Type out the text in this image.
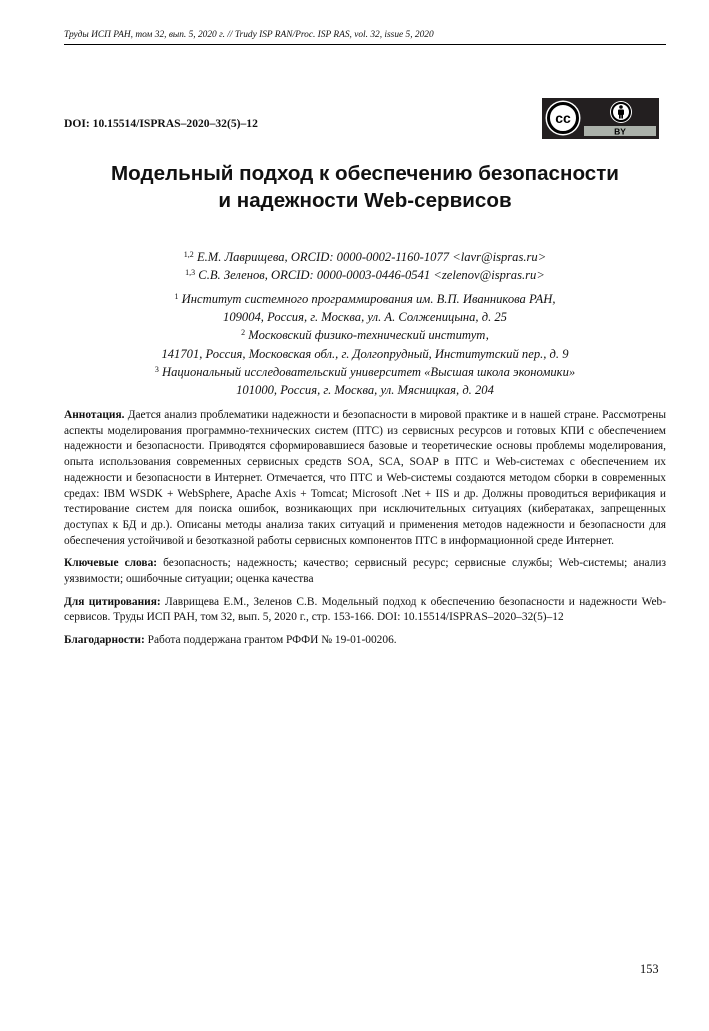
Труды ИСП РАН, том 32, вып. 5, 2020 г. // Trudy ISP RAN/Proc. ISP RAS, vol. 32, issue 5, 2020
DOI: 10.15514/ISPRAS–2020–32(5)–12	cc
BY
Модельный подход к обеспечению безопасности
и надежности Web-сервисов
$^{1,2}$ Е.М. Лаврищева, ORCID: 0000-0002-1160-1077 <lavr@ispras.ru>
$^{1,3}$ С.В. Зеленов, ORCID: 0000-0003-0446-0541 <zelenov@ispras.ru>
$^1$ Институт системного программирования им. В.П. Иванникова РАН,
109004, Россия, г. Москва, ул. А. Солженицына, д. 25
$^2$ Московский физико-технический институт,
141701, Россия, Московская обл., г. Долгопрудный, Институтский пер., д. 9
$^3$ Национальный исследовательский университет «Высшая школа экономики»
101000, Россия, г. Москва, ул. Мясницкая, д. 204

Аннотация. Дается анализ проблематики надежности и безопасности в мировой практике и в нашей стране. Рассмотрены аспекты моделирования программно-технических систем (ПТС) из сервисных ресурсов и готовых КПИ с обеспечением надежности и безопасности. Приводятся сформировавшиеся базовые и теоретические основы проблемы моделирования, опыта использования современных сервисных средств SOA, SCA, SOAP в ПТС и Web-системах с обеспечением их надежности и безопасности в Интернет. Отмечается, что ПТС и Web-системы создаются методом сборки в современных средах: IBM WSDK + WebSphere, Apache Axis + Tomcat; Microsoft .Net + IIS и др. Должны проводиться верификация и тестирование систем для поиска ошибок, возникающих при исключительных ситуациях (кибератаках, запрещенных доступах к БД и др.). Описаны методы анализа таких ситуаций и применения методов надежности и безопасности для обеспечения устойчивой и безотказной работы сервисных компонентов ПТС в информационной среде Интернет.

Ключевые слова: безопасность; надежность; качество; сервисный ресурс; сервисные службы; Web-системы; анализ уязвимости; ошибочные ситуации; оценка качества

Для цитирования: Лаврищева Е.М., Зеленов С.В. Модельный подход к обеспечению безопасности и надежности Web-сервисов. Труды ИСП РАН, том 32, вып. 5, 2020 г., стр. 153-166. DOI: 10.15514/ISPRAS–2020–32(5)–12

Благодарности: Работа поддержана грантом РФФИ № 19-01-00206.

153
